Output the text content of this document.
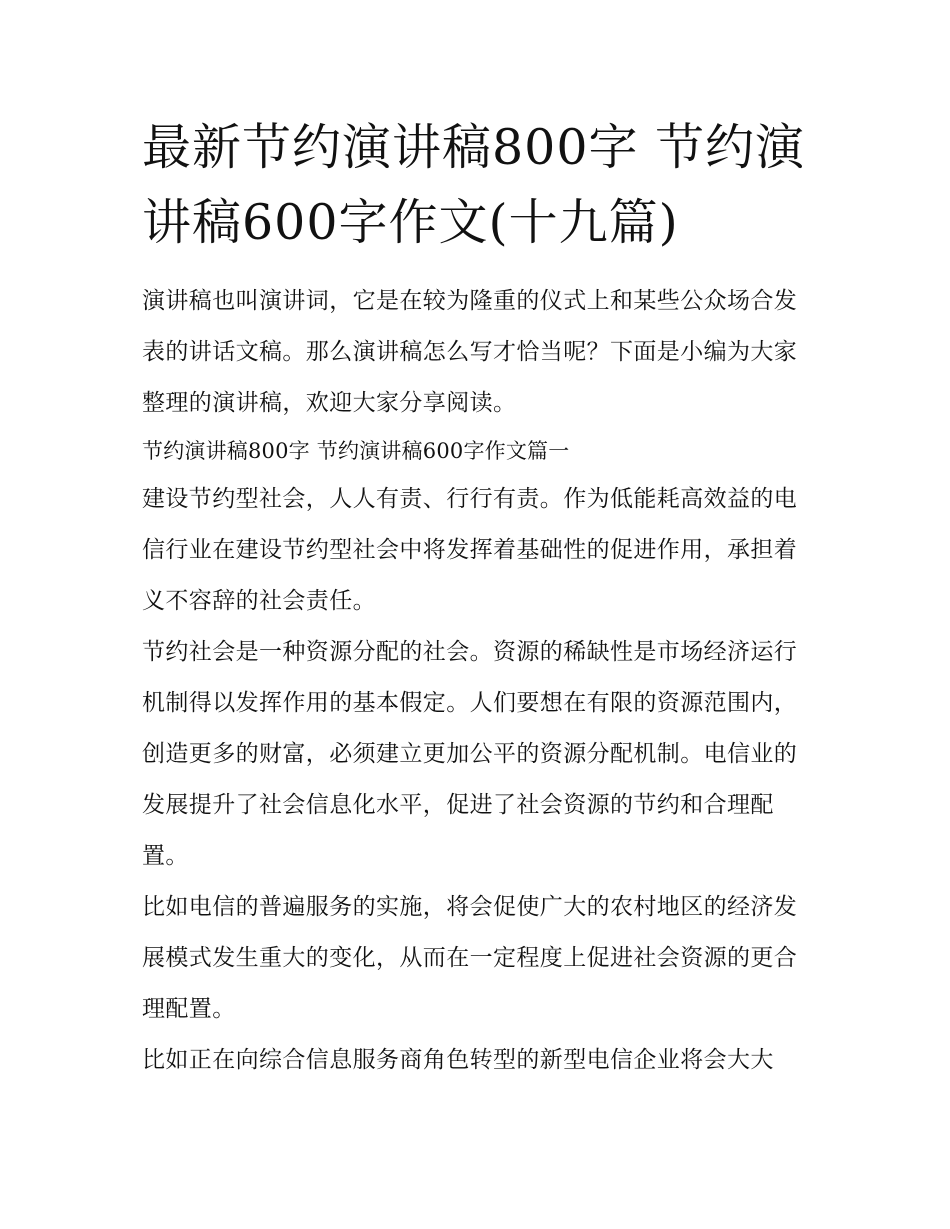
最新节约演讲稿800字 节约演讲稿600字作文(十九篇)

演讲稿也叫演讲词，它是在较为隆重的仪式上和某些公众场合发表的讲话文稿。那么演讲稿怎么写才恰当呢？下面是小编为大家整理的演讲稿，欢迎大家分享阅读。

节约演讲稿800字 节约演讲稿600字作文篇一

建设节约型社会，人人有责、行行有责。作为低能耗高效益的电信行业在建设节约型社会中将发挥着基础性的促进作用，承担着义不容辞的社会责任。

节约社会是一种资源分配的社会。资源的稀缺性是市场经济运行机制得以发挥作用的基本假定。人们要想在有限的资源范围内，创造更多的财富，必须建立更加公平的资源分配机制。电信业的发展提升了社会信息化水平，促进了社会资源的节约和合理配置。

比如电信的普遍服务的实施，将会促使广大的农村地区的经济发展模式发生重大的变化，从而在一定程度上促进社会资源的更合理配置。

比如正在向综合信息服务商角色转型的新型电信企业将会大大
